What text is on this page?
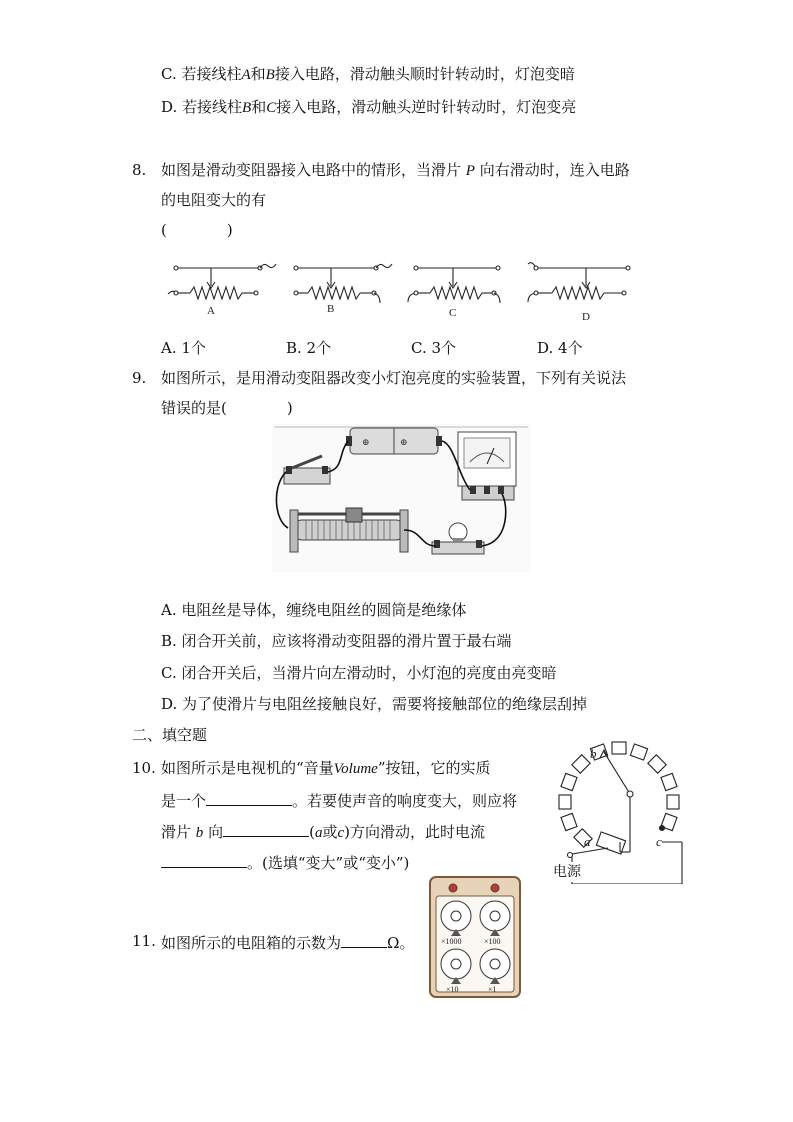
C. 若接线柱A和B接入电路，滑动触头顺时针转动时，灯泡变暗
D. 若接线柱B和C接入电路，滑动触头逆时针转动时，灯泡变亮
8. 如图是滑动变阻器接入电路中的情形，当滑片 P 向右滑动时，连入电路
的电阻变大的有
(　　　　)
A	B	C	D
A. 1个	B. 2个	C. 3个	D. 4个
9. 如图所示，是用滑动变阻器改变小灯泡亮度的实验装置，下列有关说法
错误的是(　　　　)
⊕	⊕
A. 电阻丝是导体，缠绕电阻丝的圆筒是绝缘体
B. 闭合开关前，应该将滑动变阻器的滑片置于最右端
C. 闭合开关后，当滑片向左滑动时，小灯泡的亮度由亮变暗
D. 为了使滑片与电阻丝接触良好，需要将接触部位的绝缘层刮掉
二、填空题
10. 如图所示是电视机的“音量Volume”按钮，它的实质
是一个	。若要使声音的响度变大，则应将
滑片 b 向	(a或c)方向滑动，此时电流
。(选填“变大”或“变小”)
b
a	c
电源
11. 如图所示的电阻箱的示数为	Ω。	×1000	×100
×10	×1
